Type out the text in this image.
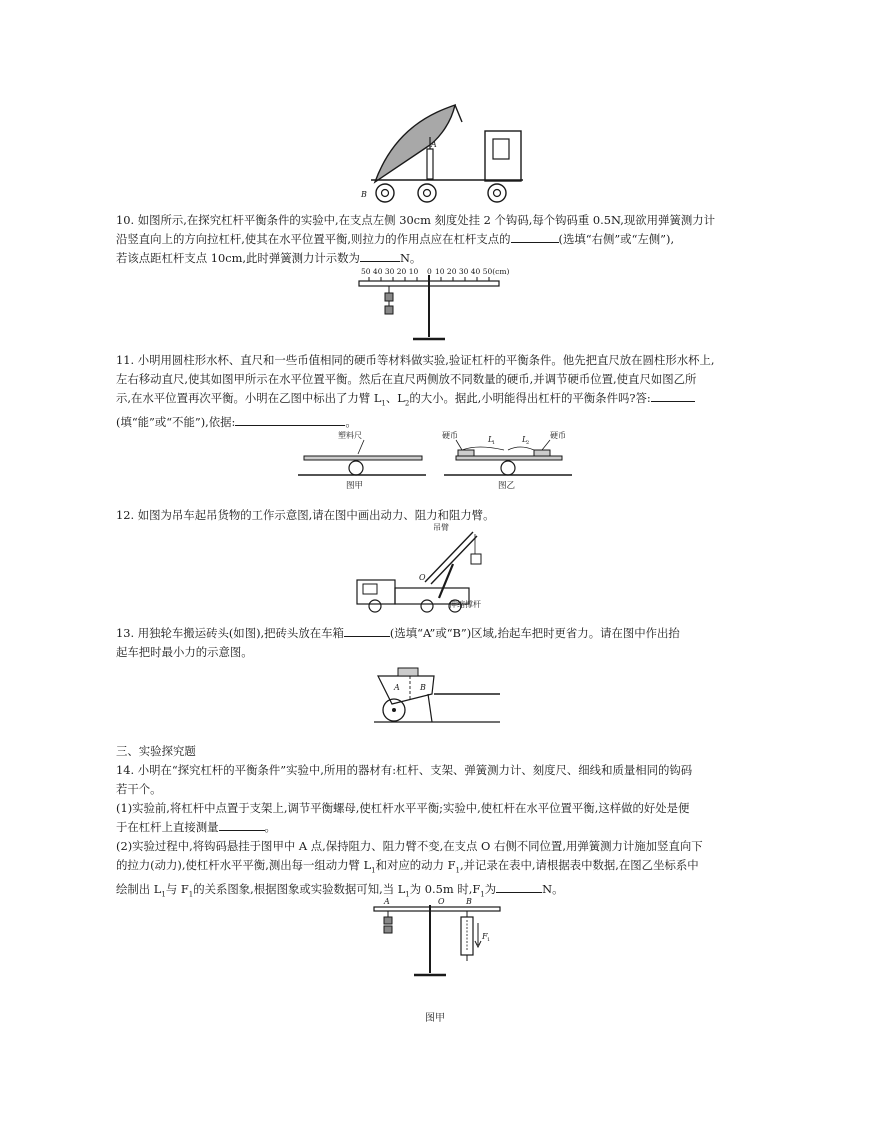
A
B
10. 如图所示,在探究杠杆平衡条件的实验中,在支点左侧 30cm 刻度处挂 2 个钩码,每个钩码重 0.5N,现欲用弹簧测力计
沿竖直向上的方向拉杠杆,使其在水平位置平衡,则拉力的作用点应在杠杆支点的	(选填“右侧”或“左侧”),
若该点距杠杆支点 10cm,此时弹簧测力计示数为	N。
50 40 30 20 10 0 10 20 30 40 50(cm)
11. 小明用圆柱形水杯、直尺和一些币值相同的硬币等材料做实验,验证杠杆的平衡条件。他先把直尺放在圆柱形水杯上,
左右移动直尺,使其如图甲所示在水平位置平衡。然后在直尺两侧放不同数量的硬币,并调节硬币位置,使直尺如图乙所
示,在水平位置再次平衡。小明在乙图中标出了力臂 $L_1$、$L_2$的大小。据此,小明能得出杠杆的平衡条件吗?答:
(填“能”或“不能”),依据:	。
塑料尺
图甲
硬币	L
1	L
2
硬币
图乙
12. 如图为吊车起吊货物的工作示意图,请在图中画出动力、阻力和阻力臂。
吊臂
O
伸缩撑杆
13. 用独轮车搬运砖头(如图),把砖头放在车箱	(选填“A”或“B”)区域,抬起车把时更省力。请在图中作出抬
起车把时最小力的示意图。
A	B
三、实验探究题
14. 小明在“探究杠杆的平衡条件”实验中,所用的器材有:杠杆、支架、弹簧测力计、刻度尺、细线和质量相同的钩码
若干个。
(1)实验前,将杠杆中点置于支架上,调节平衡螺母,使杠杆水平平衡;实验中,使杠杆在水平位置平衡,这样做的好处是便
于在杠杆上直接测量	。
(2)实验过程中,将钩码悬挂于图甲中 A 点,保持阻力、阻力臂不变,在支点 O 右侧不同位置,用弹簧测力计施加竖直向下
的拉力(动力),使杠杆水平平衡,测出每一组动力臂 $L_1$和对应的动力 $F_1$,并记录在表中,请根据表中数据,在图乙坐标系中
绘制出 $L_1$与 $F_1$的关系图象,根据图象或实验数据可知,当 $L_1$为 0.5m 时$,F_1$为	N。
A	O	B
F 1
图甲
